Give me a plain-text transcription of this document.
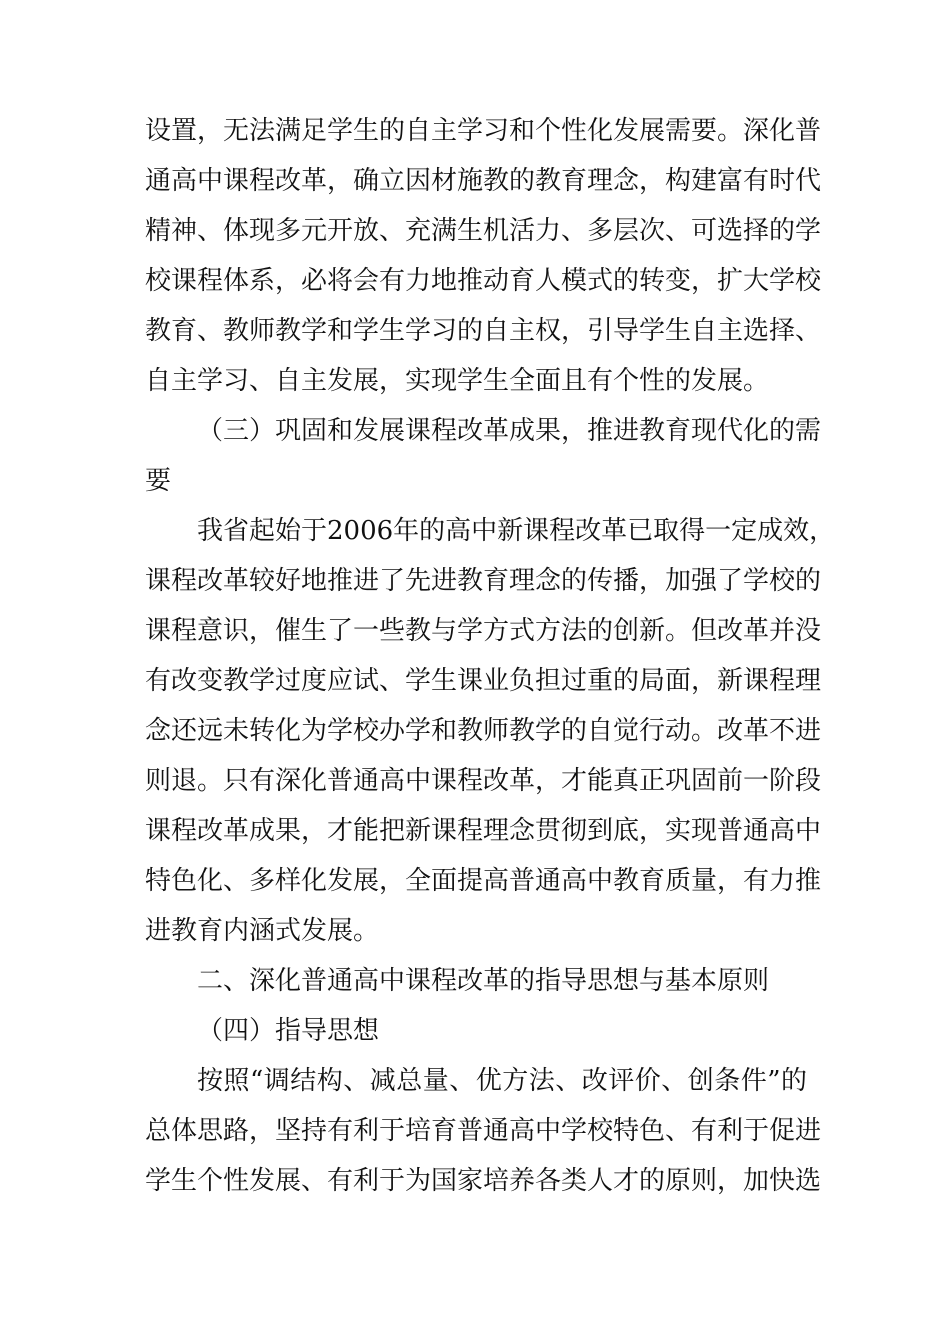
设置，无法满足学生的自主学习和个性化发展需要。深化普
通高中课程改革，确立因材施教的教育理念，构建富有时代
精神、体现多元开放、充满生机活力、多层次、可选择的学
校课程体系，必将会有力地推动育人模式的转变，扩大学校
教育、教师教学和学生学习的自主权，引导学生自主选择、
自主学习、自主发展，实现学生全面且有个性的发展。
（三）巩固和发展课程改革成果，推进教育现代化的需
要
我省起始于2006年的高中新课程改革已取得一定成效，
课程改革较好地推进了先进教育理念的传播，加强了学校的
课程意识，催生了一些教与学方式方法的创新。但改革并没
有改变教学过度应试、学生课业负担过重的局面，新课程理
念还远未转化为学校办学和教师教学的自觉行动。改革不进
则退。只有深化普通高中课程改革，才能真正巩固前一阶段
课程改革成果，才能把新课程理念贯彻到底，实现普通高中
特色化、多样化发展，全面提高普通高中教育质量，有力推
进教育内涵式发展。
二、深化普通高中课程改革的指导思想与基本原则
（四）指导思想
按照“调结构、减总量、优方法、改评价、创条件”的
总体思路，坚持有利于培育普通高中学校特色、有利于促进
学生个性发展、有利于为国家培养各类人才的原则，加快选
